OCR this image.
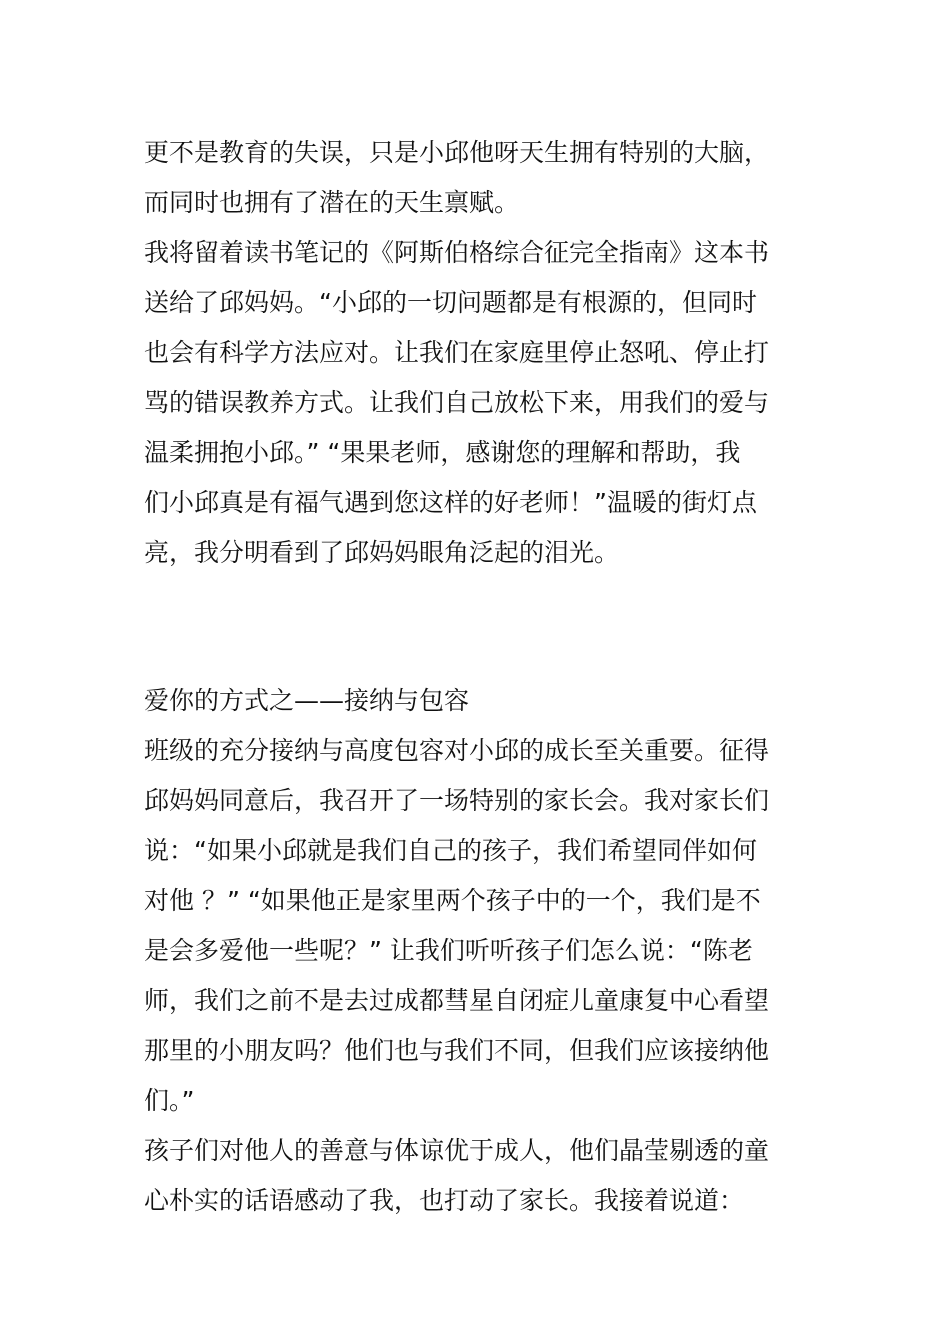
更不是教育的失误，只是小邱他呀天生拥有特别的大脑，
而同时也拥有了潜在的天生禀赋。
我将留着读书笔记的《阿斯伯格综合征完全指南》这本书
送给了邱妈妈。“小邱的一切问题都是有根源的，但同时
也会有科学方法应对。让我们在家庭里停止怒吼、停止打
骂的错误教养方式。让我们自己放松下来，用我们的爱与
温柔拥抱小邱。” “果果老师，感谢您的理解和帮助，我
们小邱真是有福气遇到您这样的好老师！”温暖的街灯点
亮，我分明看到了邱妈妈眼角泛起的泪光。
爱你的方式之——接纳与包容
班级的充分接纳与高度包容对小邱的成长至关重要。征得
邱妈妈同意后，我召开了一场特别的家长会。我对家长们
说：“如果小邱就是我们自己的孩子，我们希望同伴如何
对他 ？” “如果他正是家里两个孩子中的一个，我们是不
是会多爱他一些呢？” 让我们听听孩子们怎么说：“陈老
师，我们之前不是去过成都彗星自闭症儿童康复中心看望
那里的小朋友吗？他们也与我们不同，但我们应该接纳他
们。”
孩子们对他人的善意与体谅优于成人，他们晶莹剔透的童
心朴实的话语感动了我，也打动了家长。我接着说道：
